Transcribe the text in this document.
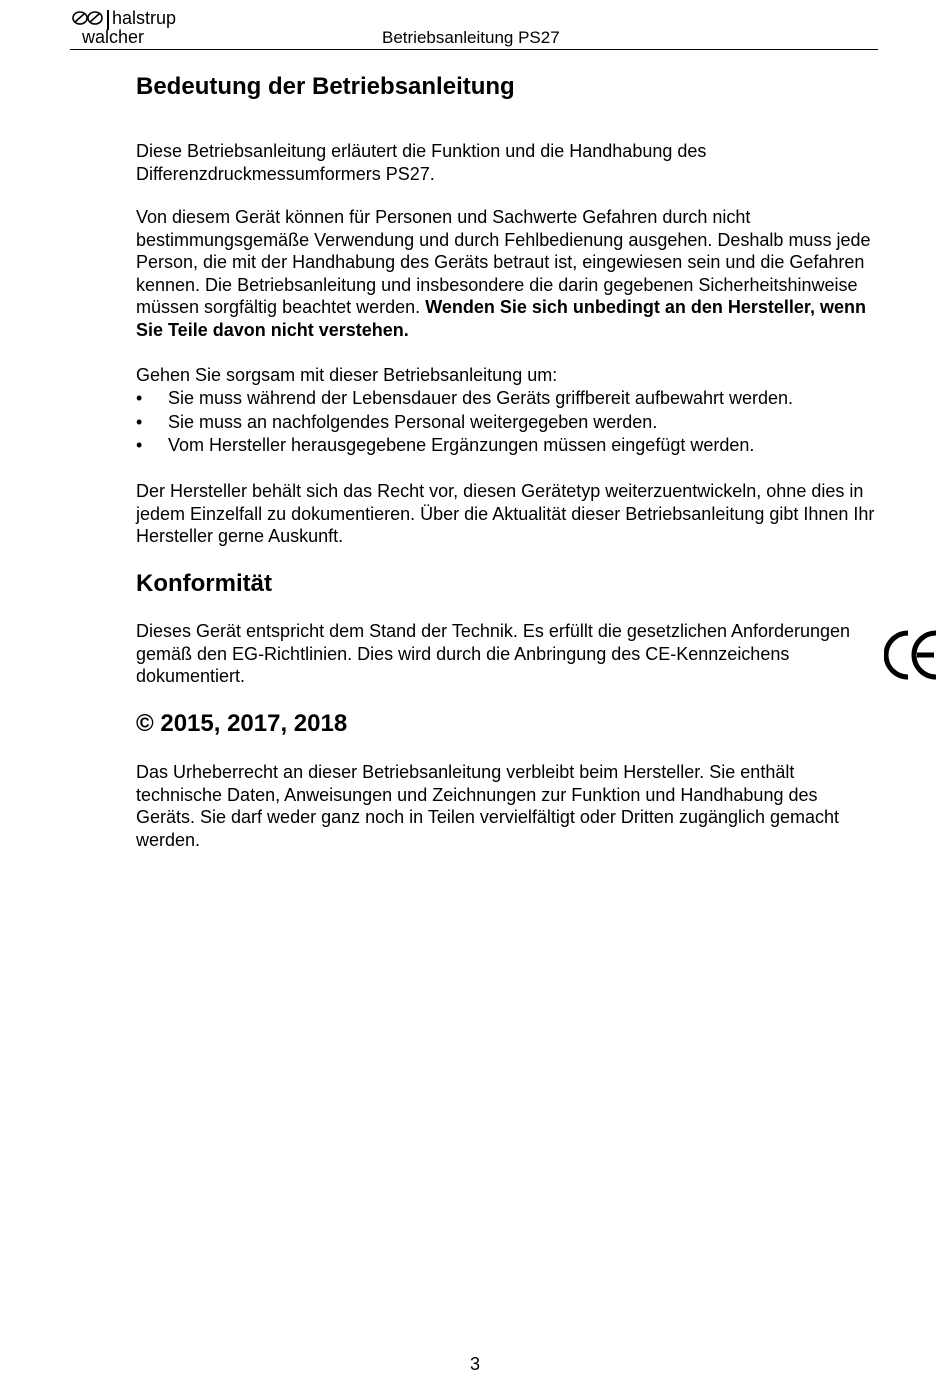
halstrup
walcher	Betriebsanleitung PS27
Bedeutung der Betriebsanleitung

Diese Betriebsanleitung erläutert die Funktion und die Handhabung des Differenzdruckmessumformers PS27.

Von diesem Gerät können für Personen und Sachwerte Gefahren durch nicht bestimmungsgemäße Verwendung und durch Fehlbedienung ausgehen. Deshalb muss jede Person, die mit der Handhabung des Geräts betraut ist, eingewiesen sein und die Gefahren kennen. Die Betriebsanleitung und insbesondere die darin gegebenen Sicherheitshinweise müssen sorgfältig beachtet werden. Wenden Sie sich unbedingt an den Hersteller, wenn Sie Teile davon nicht verstehen.

Gehen Sie sorgsam mit dieser Betriebsanleitung um:

• Sie muss während der Lebensdauer des Geräts griffbereit aufbewahrt werden.
• Sie muss an nachfolgendes Personal weitergegeben werden.
• Vom Hersteller herausgegebene Ergänzungen müssen eingefügt werden.

Der Hersteller behält sich das Recht vor, diesen Gerätetyp weiterzuentwickeln, ohne dies in jedem Einzelfall zu dokumentieren. Über die Aktualität dieser Betriebsanleitung gibt Ihnen Ihr Hersteller gerne Auskunft.

Konformität

Dieses Gerät entspricht dem Stand der Technik. Es erfüllt die gesetzlichen Anforderungen gemäß den EG-Richtlinien. Dies wird durch die Anbringung des CE-Kennzeichens dokumentiert.

© 2015, 2017, 2018

Das Urheberrecht an dieser Betriebsanleitung verbleibt beim Hersteller. Sie enthält technische Daten, Anweisungen und Zeichnungen zur Funktion und Handhabung des Geräts. Sie darf weder ganz noch in Teilen vervielfältigt oder Dritten zugänglich gemacht werden.

3
